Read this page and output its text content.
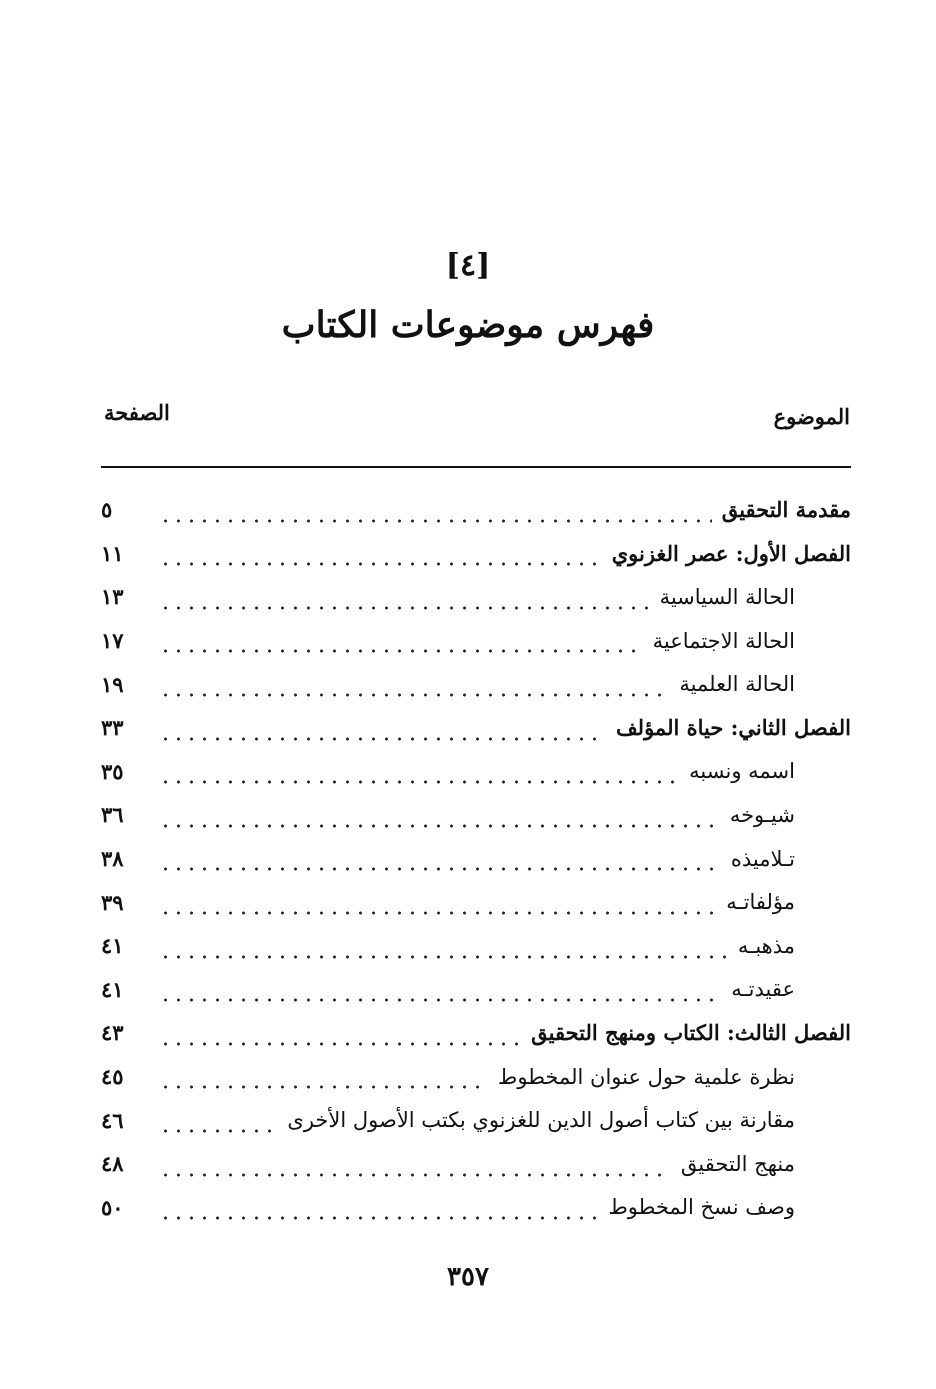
[٤]
فهرس موضوعات الكتاب
الموضوع
الصفحة
مقدمة التحقيق
٥
الفصل الأول: عصر الغزنوي
١١
الحالة السياسية
١٣
الحالة الاجتماعية
١٧
الحالة العلمية
١٩
الفصل الثاني: حياة المؤلف
٣٣
اسمه ونسبه
٣٥
شيـوخه
٣٦
تـلاميذه
٣٨
مؤلفاتـه
٣٩
مذهبـه
٤١
عقيدتـه
٤١
الفصل الثالث: الكتاب ومنهج التحقيق
٤٣
نظرة علمية حول عنوان المخطوط
٤٥
مقارنة بين كتاب أصول الدين للغزنوي بكتب الأصول الأخرى
٤٦
منهج التحقيق
٤٨
وصف نسخ المخطوط
٥٠
٣٥٧
